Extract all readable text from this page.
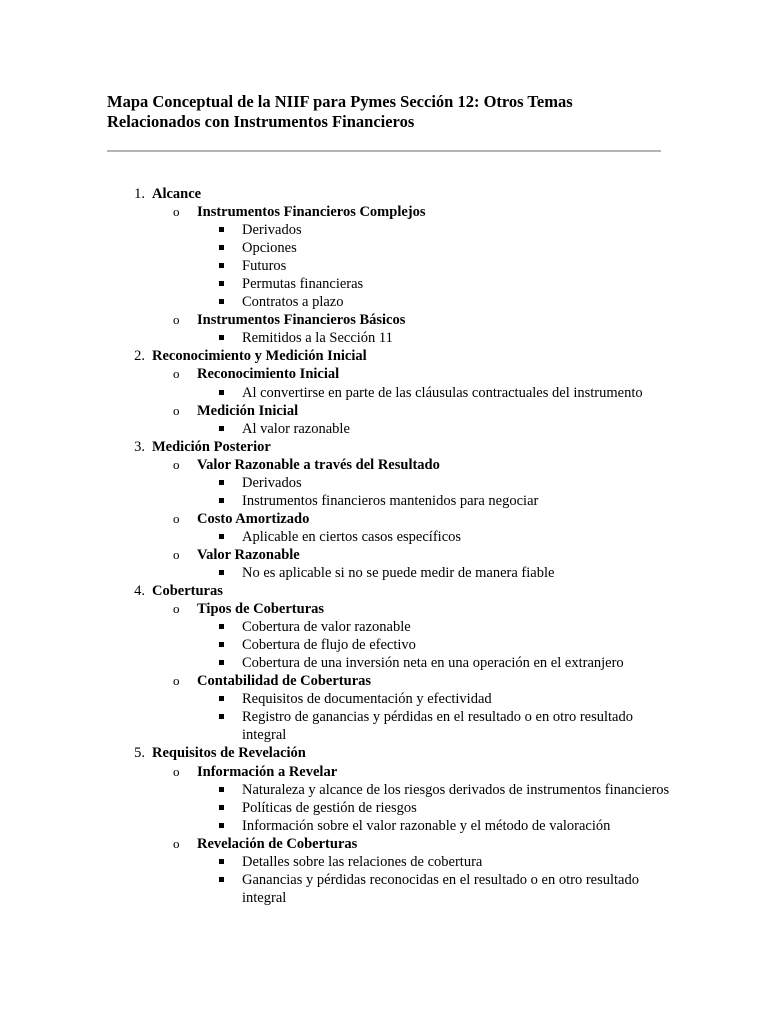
Mapa Conceptual de la NIIF para Pymes Sección 12: Otros Temas
Relacionados con Instrumentos Financieros
1. Alcance
o	Instrumentos Financieros Complejos
Derivados
Opciones
Futuros
Permutas financieras
Contratos a plazo
o	Instrumentos Financieros Básicos
Remitidos a la Sección 11
2. Reconocimiento y Medición Inicial
o	Reconocimiento Inicial
Al convertirse en parte de las cláusulas contractuales del instrumento
o	Medición Inicial
Al valor razonable
3. Medición Posterior
o	Valor Razonable a través del Resultado
Derivados
Instrumentos financieros mantenidos para negociar
o	Costo Amortizado
Aplicable en ciertos casos específicos
o	Valor Razonable
No es aplicable si no se puede medir de manera fiable
4. Coberturas
o	Tipos de Coberturas
Cobertura de valor razonable
Cobertura de flujo de efectivo
Cobertura de una inversión neta en una operación en el extranjero
o	Contabilidad de Coberturas
Requisitos de documentación y efectividad
Registro de ganancias y pérdidas en el resultado o en otro resultado integral
5. Requisitos de Revelación
o	Información a Revelar
Naturaleza y alcance de los riesgos derivados de instrumentos financieros
Políticas de gestión de riesgos
Información sobre el valor razonable y el método de valoración
o	Revelación de Coberturas
Detalles sobre las relaciones de cobertura
Ganancias y pérdidas reconocidas en el resultado o en otro resultado integral
